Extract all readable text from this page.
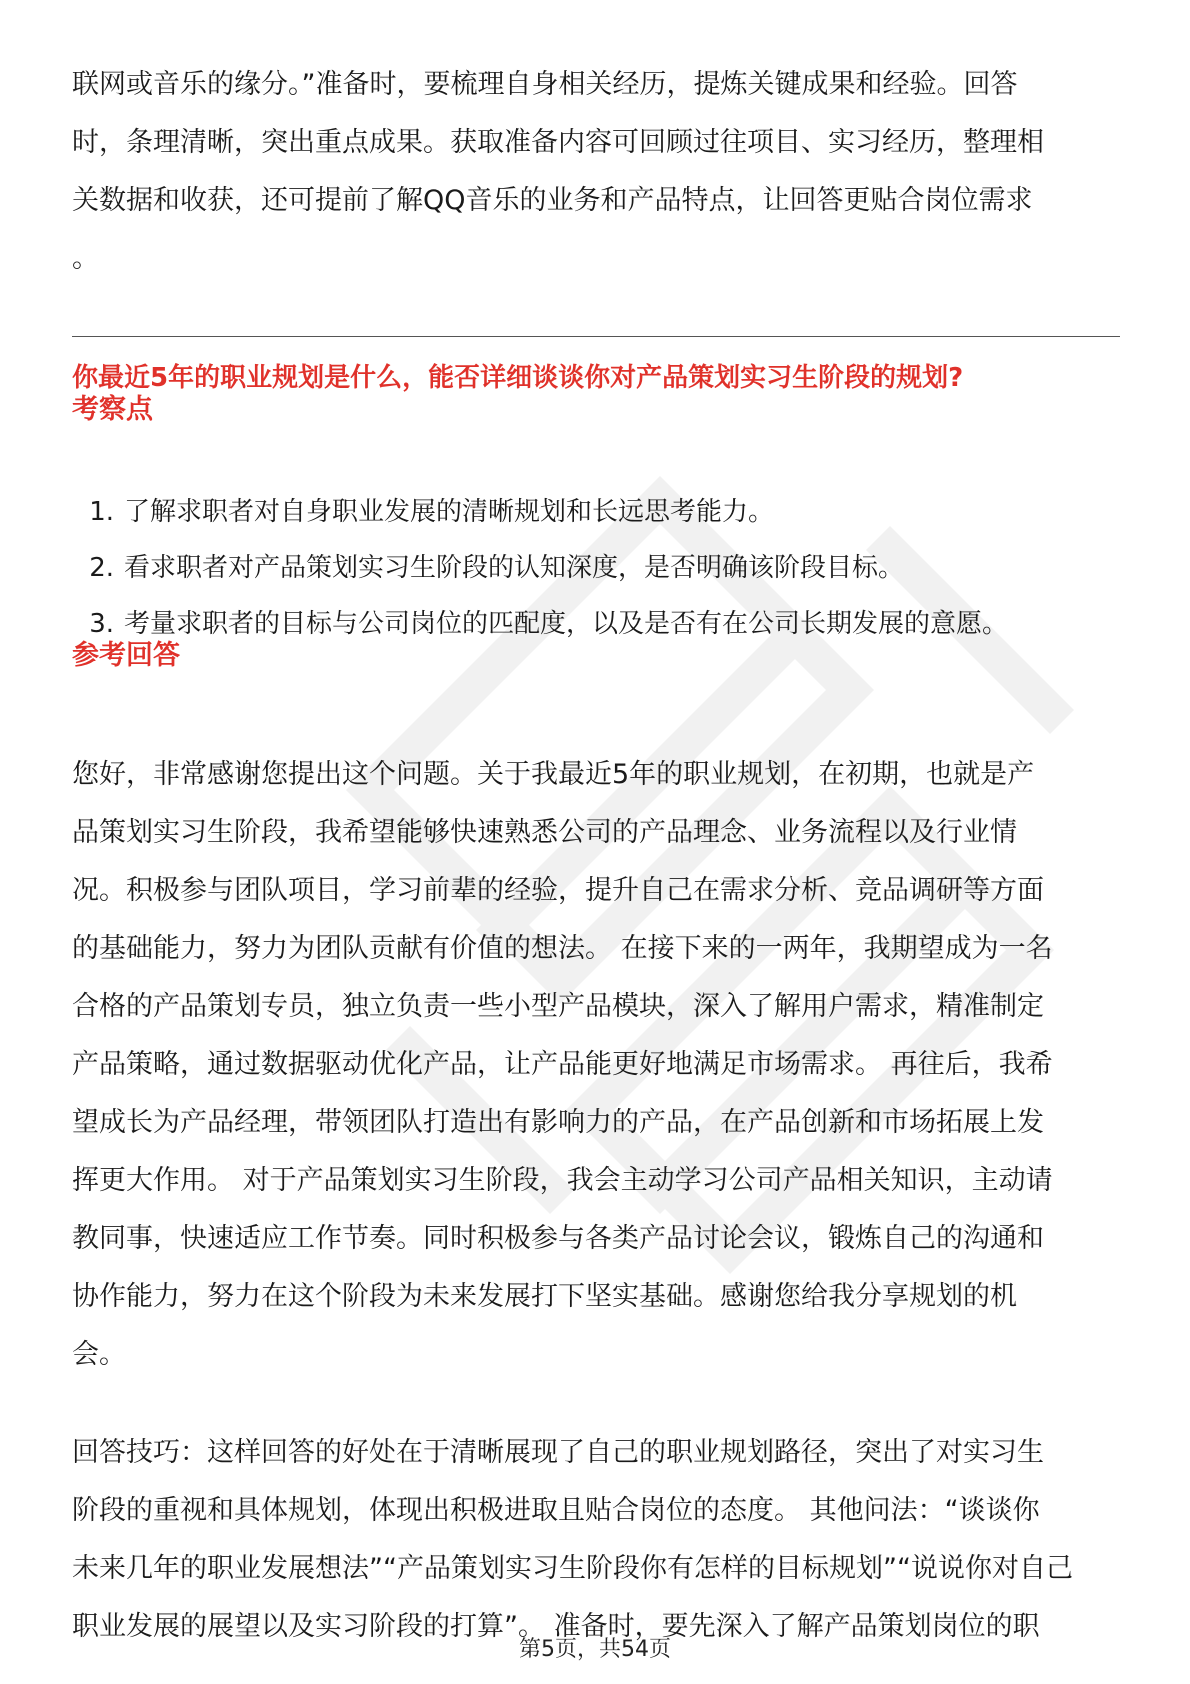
联网或音乐的缘分。”准备时，要梳理自身相关经历，提炼关键成果和经验。回答

时，条理清晰，突出重点成果。获取准备内容可回顾过往项目、实习经历，整理相

关数据和收获，还可提前了解QQ音乐的业务和产品特点，让回答更贴合岗位需求

。

你最近5年的职业规划是什么，能否详细谈谈你对产品策划实习生阶段的规划?

考察点

1. 了解求职者对自身职业发展的清晰规划和长远思考能力。
2. 看求职者对产品策划实习生阶段的认知深度，是否明确该阶段目标。
3. 考量求职者的目标与公司岗位的匹配度，以及是否有在公司长期发展的意愿。

参考回答

您好，非常感谢您提出这个问题。关于我最近5年的职业规划，在初期，也就是产

品策划实习生阶段，我希望能够快速熟悉公司的产品理念、业务流程以及行业情

况。积极参与团队项目，学习前辈的经验，提升自己在需求分析、竞品调研等方面

的基础能力，努力为团队贡献有价值的想法。 在接下来的一两年，我期望成为一名

合格的产品策划专员，独立负责一些小型产品模块，深入了解用户需求，精准制定

产品策略，通过数据驱动优化产品，让产品能更好地满足市场需求。 再往后，我希

望成长为产品经理，带领团队打造出有影响力的产品，在产品创新和市场拓展上发

挥更大作用。 对于产品策划实习生阶段，我会主动学习公司产品相关知识，主动请

教同事，快速适应工作节奏。同时积极参与各类产品讨论会议，锻炼自己的沟通和

协作能力，努力在这个阶段为未来发展打下坚实基础。感谢您给我分享规划的机

会。

回答技巧：这样回答的好处在于清晰展现了自己的职业规划路径，突出了对实习生

阶段的重视和具体规划，体现出积极进取且贴合岗位的态度。 其他问法：“谈谈你

未来几年的职业发展想法”“产品策划实习生阶段你有怎样的目标规划”“说说你对自己

职业发展的展望以及实习阶段的打算”。 准备时，要先深入了解产品策划岗位的职

第5页，共54页
